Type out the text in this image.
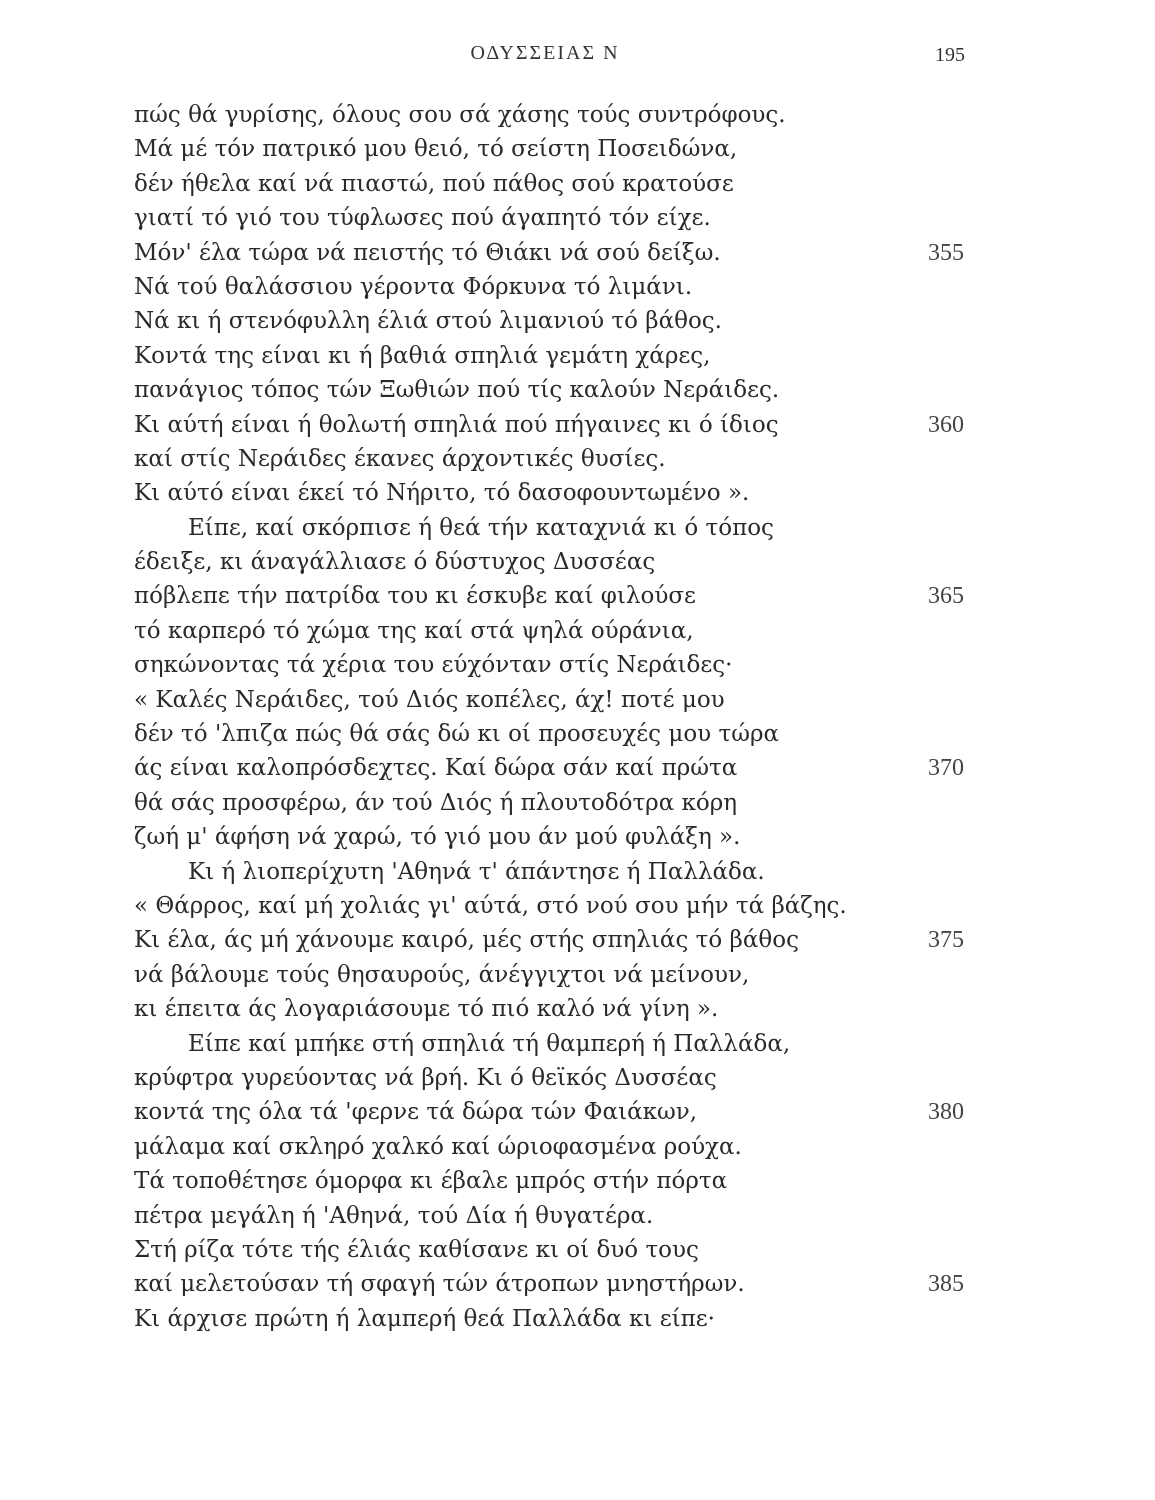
ΟΔΥΣΣΕΙΑΣ Ν	195
πώς θά γυρίσης, όλους σου σά χάσης τούς συντρόφους.
Μά μέ τόν πατρικό μου θειό, τό σείστη Ποσειδώνα,
δέν ήθελα καί νά πιαστώ, πού πάθος σού κρατούσε
γιατί τό γιό του τύφλωσες πού άγαπητό τόν είχε.
Μόν' έλα τώρα νά πειστής τό Θιάκι νά σού δείξω.	355
Νά τού θαλάσσιου γέροντα Φόρκυνα τό λιμάνι.
Νά κι ή στενόφυλλη έλιά στού λιμανιού τό βάθος.
Κοντά της είναι κι ή βαθιά σπηλιά γεμάτη χάρες,
πανάγιος τόπος τών Ξωθιών πού τίς καλούν Νεράιδες.
Κι αύτή είναι ή θολωτή σπηλιά πού πήγαινες κι ό ίδιος	360
καί στίς Νεράιδες έκανες άρχοντικές θυσίες.
Κι αύτό είναι έκεί τό Νήριτο, τό δασοφουντωμένο ».
Είπε, καί σκόρπισε ή θεά τήν καταχνιά κι ό τόπος
έδειξε, κι άναγάλλιασε ό δύστυχος Δυσσέας
πόβλεπε τήν πατρίδα του κι έσκυβε καί φιλούσε	365
τό καρπερό τό χώμα της καί στά ψηλά ούράνια,
σηκώνοντας τά χέρια του εύχόνταν στίς Νεράιδες·
« Καλές Νεράιδες, τού Διός κοπέλες, άχ! ποτέ μου
δέν τό 'λπιζα πώς θά σάς δώ κι οί προσευχές μου τώρα
άς είναι καλοπρόσδεχτες. Καί δώρα σάν καί πρώτα	370
θά σάς προσφέρω, άν τού Διός ή πλουτοδότρα κόρη
ζωή μ' άφήση νά χαρώ, τό γιό μου άν μού φυλάξη ».
Κι ή λιοπερίχυτη 'Αθηνά τ' άπάντησε ή Παλλάδα.
« Θάρρος, καί μή χολιάς γι' αύτά, στό νού σου μήν τά βάζης.
Κι έλα, άς μή χάνουμε καιρό, μές στής σπηλιάς τό βάθος	375
νά βάλουμε τούς θησαυρούς, άνέγγιχτοι νά μείνουν,
κι έπειτα άς λογαριάσουμε τό πιό καλό νά γίνη ».
Είπε καί μπήκε στή σπηλιά τή θαμπερή ή Παλλάδα,
κρύφτρα γυρεύοντας νά βρή. Κι ό θεϊκός Δυσσέας
κοντά της όλα τά 'φερνε τά δώρα τών Φαιάκων,	380
μάλαμα καί σκληρό χαλκό καί ώριοφασμένα ρούχα.
Τά τοποθέτησε όμορφα κι έβαλε μπρός στήν πόρτα
πέτρα μεγάλη ή 'Αθηνά, τού Δία ή θυγατέρα.
Στή ρίζα τότε τής έλιάς καθίσανε κι οί δυό τους
καί μελετούσαν τή σφαγή τών άτροπων μνηστήρων.	385
Κι άρχισε πρώτη ή λαμπερή θεά Παλλάδα κι είπε·
